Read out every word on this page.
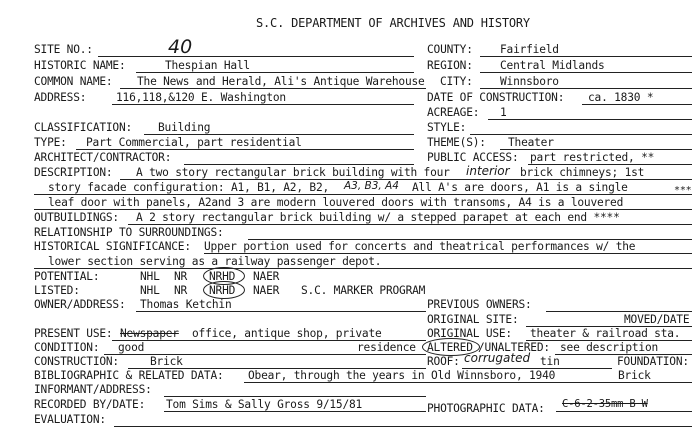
S.C. DEPARTMENT OF ARCHIVES AND HISTORY
SITE NO.:	40	COUNTY: Fairfield
HISTORIC NAME:	Thespian Hall	REGION: Central Midlands
COMMON NAME: The News and Herald, Ali's Antique Warehouse CITY: Winnsboro
ADDRESS:	116,118,&120 E. Washington	DATE OF CONSTRUCTION: ca. 1830 *
ACREAGE: 1
CLASSIFICATION: Building	STYLE:
TYPE: Part Commercial, part residential	THEME(S): Theater
ARCHITECT/CONTRACTOR:	PUBLIC ACCESS: part restricted, **
DESCRIPTION: A two story rectangular brick building with four interior brick chimneys; 1st
story facade configuration: A1, B1, A2, B2, A3, B3, A4 All A's are doors, A1 is a single	***
leaf door with panels, A2and 3 are modern louvered doors with transoms, A4 is a louvered
OUTBUILDINGS: A 2 story rectangular brick building w/ a stepped parapet at each end ****
RELATIONSHIP TO SURROUNDINGS:
HISTORICAL SIGNIFICANCE: Upper portion used for concerts and theatrical performances w/ the
lower section serving as a railway passenger depot.
POTENTIAL:	NHL NR NRHD NAER
LISTED:	NHL NR NRHD NAER S.C. MARKER PROGRAM
OWNER/ADDRESS: Thomas Ketchin	PREVIOUS OWNERS:
ORIGINAL SITE:	MOVED/DATE
PRESENT USE: Newspaper office, antique shop, private
residence
ORIGINAL USE: theater & railroad sta.
CONDITION: good	ALTERED /UNALTERED: see description
CONSTRUCTION:	Brick	ROOF: corrugated tin	FOUNDATION:
Brick
BIBLIOGRAPHIC & RELATED DATA: Obear, through the years in Old Winnsboro, 1940
INFORMANT/ADDRESS:
RECORDED BY/DATE: Tom Sims & Sally Gross 9/15/81	PHOTOGRAPHIC DATA: C-6-2-35mm B W
EVALUATION:
